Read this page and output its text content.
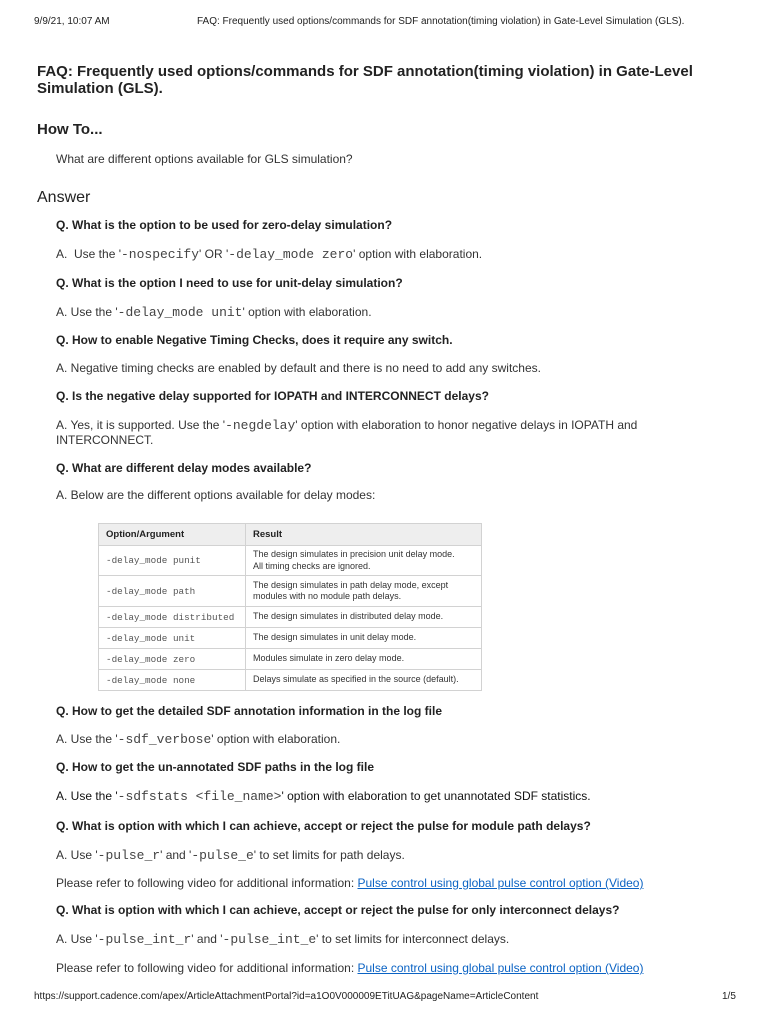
9/9/21, 10:07 AM	FAQ: Frequently used options/commands for SDF annotation(timing violation) in Gate-Level Simulation (GLS).
FAQ: Frequently used options/commands for SDF annotation(timing violation) in Gate-Level Simulation (GLS).
How To...

What are different options available for GLS simulation?

Answer

Q. What is the option to be used for zero-delay simulation?

A.  Use the '-nospecify' OR '-delay_mode zero' option with elaboration.

Q. What is the option I need to use for unit-delay simulation?

A. Use the '-delay_mode unit' option with elaboration.

Q. How to enable Negative Timing Checks, does it require any switch.

A. Negative timing checks are enabled by default and there is no need to add any switches.

Q. Is the negative delay supported for IOPATH and INTERCONNECT delays?

A. Yes, it is supported. Use the '-negdelay' option with elaboration to honor negative delays in IOPATH and INTERCONNECT.

Q. What are different delay modes available?

A. Below are the different options available for delay modes:

Option/Argument	Result
-delay_mode punit	The design simulates in precision unit delay mode.
All timing checks are ignored.

-delay_mode path	The design simulates in path delay mode, except
modules with no module path delays.

-delay_mode distributed	The design simulates in distributed delay mode.

-delay_mode unit	The design simulates in unit delay mode.

-delay_mode zero	Modules simulate in zero delay mode.

-delay_mode none	Delays simulate as specified in the source (default).

Q. How to get the detailed SDF annotation information in the log file

A. Use the '-sdf_verbose' option with elaboration.

Q. How to get the un-annotated SDF paths in the log file

A. Use the '-sdfstats <file_name>' option with elaboration to get unannotated SDF statistics.

Q. What is option with which I can achieve, accept or reject the pulse for module path delays?

A. Use '-pulse_r' and '-pulse_e' to set limits for path delays.

Please refer to following video for additional information: Pulse control using global pulse control option (Video)

Q. What is option with which I can achieve, accept or reject the pulse for only interconnect delays?

A. Use '-pulse_int_r' and '-pulse_int_e' to set limits for interconnect delays.

Please refer to following video for additional information: Pulse control using global pulse control option (Video)

https://support.cadence.com/apex/ArticleAttachmentPortal?id=a1O0V000009ETitUAG&pageName=ArticleContent	1/5
